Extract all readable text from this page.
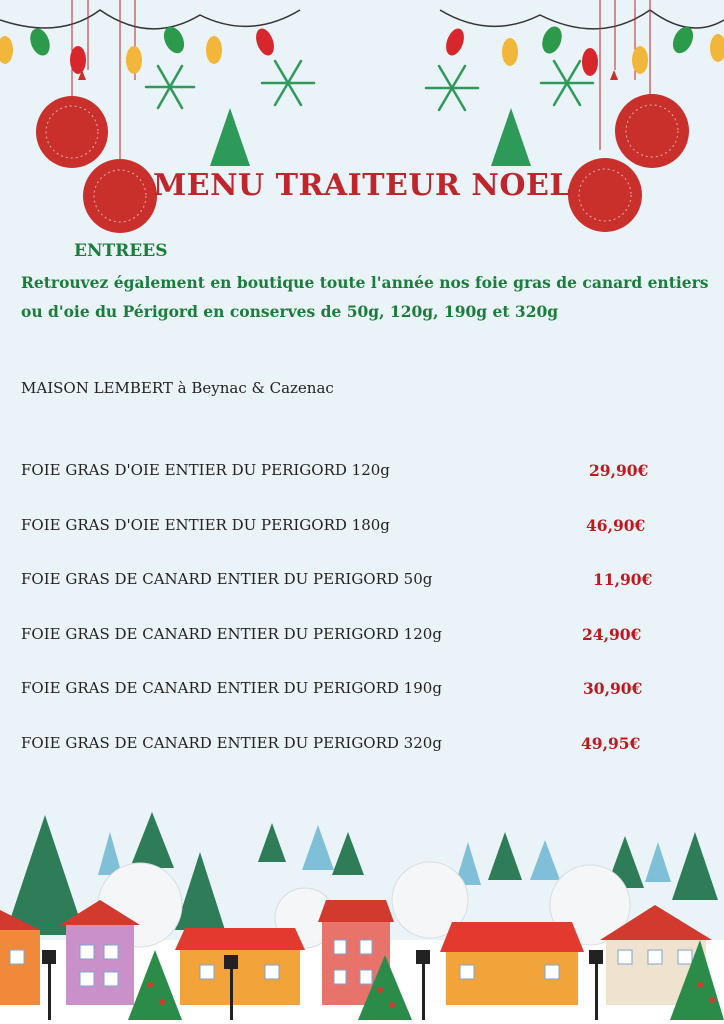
MENU TRAITEUR NOEL
ENTREES
Retrouvez également en boutique toute l'année nos foie gras de canard entiers
ou d'oie du Périgord en conserves de 50g, 120g, 190g et 320g
MAISON LEMBERT à Beynac & Cazenac
FOIE GRAS D'OIE ENTIER DU PERIGORD 120g	29,90€
FOIE GRAS D'OIE ENTIER DU PERIGORD 180g	46,90€
FOIE GRAS DE CANARD ENTIER DU PERIGORD 50g	11,90€
FOIE GRAS DE CANARD ENTIER DU PERIGORD 120g	24,90€
FOIE GRAS DE CANARD ENTIER DU PERIGORD 190g	30,90€
FOIE GRAS DE CANARD ENTIER DU PERIGORD 320g	49,95€
